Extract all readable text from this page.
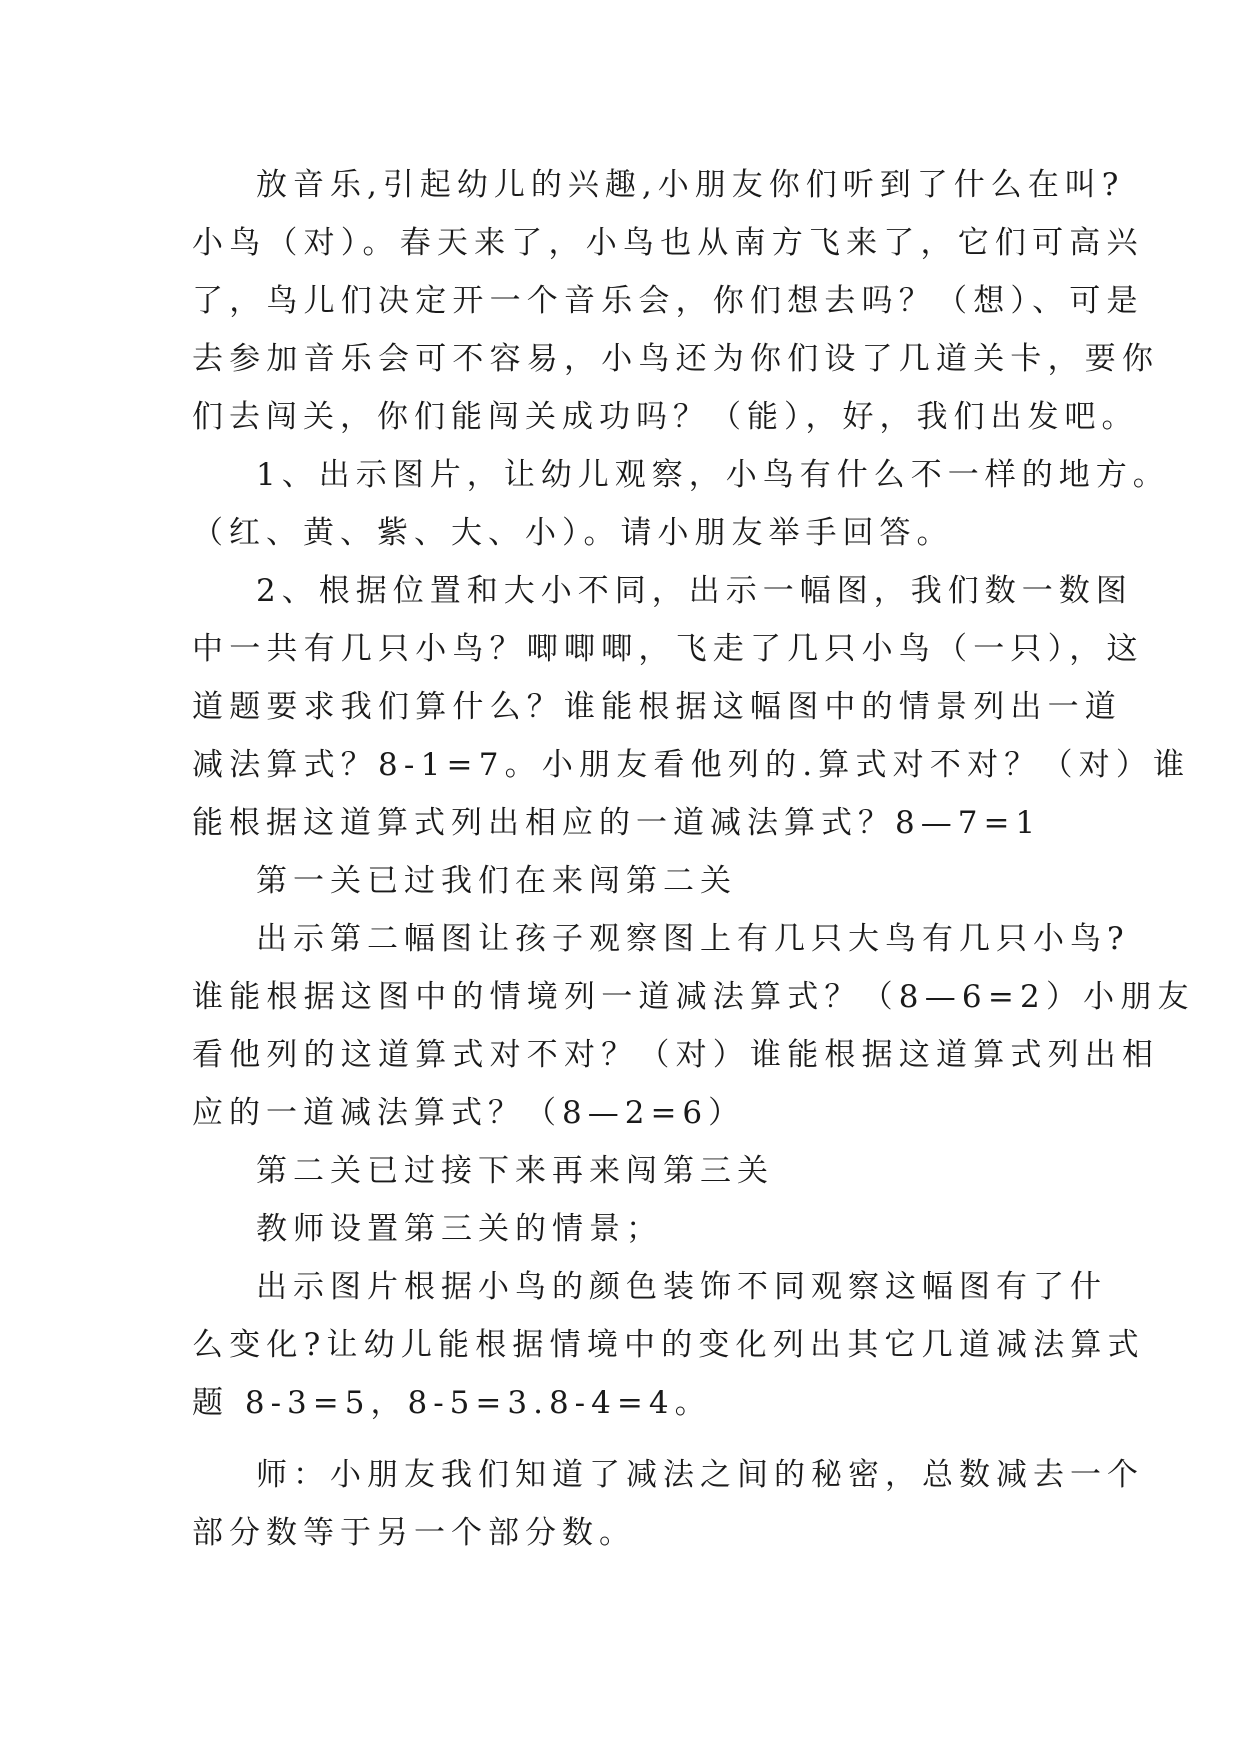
放音乐,引起幼儿的兴趣,小朋友你们听到了什么在叫?
小鸟（对）。春天来了，小鸟也从南方飞来了，它们可高兴
了，鸟儿们决定开一个音乐会，你们想去吗？（想）、可是
去参加音乐会可不容易，小鸟还为你们设了几道关卡，要你
们去闯关，你们能闯关成功吗？（能），好，我们出发吧。
1、出示图片，让幼儿观察，小鸟有什么不一样的地方。
（红、黄、紫、大、小）。请小朋友举手回答。
2、根据位置和大小不同，出示一幅图，我们数一数图
中一共有几只小鸟？唧唧唧，飞走了几只小鸟（一只），这
道题要求我们算什么？谁能根据这幅图中的情景列出一道
减法算式？8-1=7。小朋友看他列的.算式对不对？（对）谁
能根据这道算式列出相应的一道减法算式？8—7=1
第一关已过我们在来闯第二关
出示第二幅图让孩子观察图上有几只大鸟有几只小鸟?
谁能根据这图中的情境列一道减法算式？（8—6=2）小朋友
看他列的这道算式对不对？（对）谁能根据这道算式列出相
应的一道减法算式？（8—2=6）
第二关已过接下来再来闯第三关
教师设置第三关的情景；
出示图片根据小鸟的颜色装饰不同观察这幅图有了什
么变化?让幼儿能根据情境中的变化列出其它几道减法算式
题 8-3=5，8-5=3.8-4=4。
师：小朋友我们知道了减法之间的秘密，总数减去一个
部分数等于另一个部分数。
